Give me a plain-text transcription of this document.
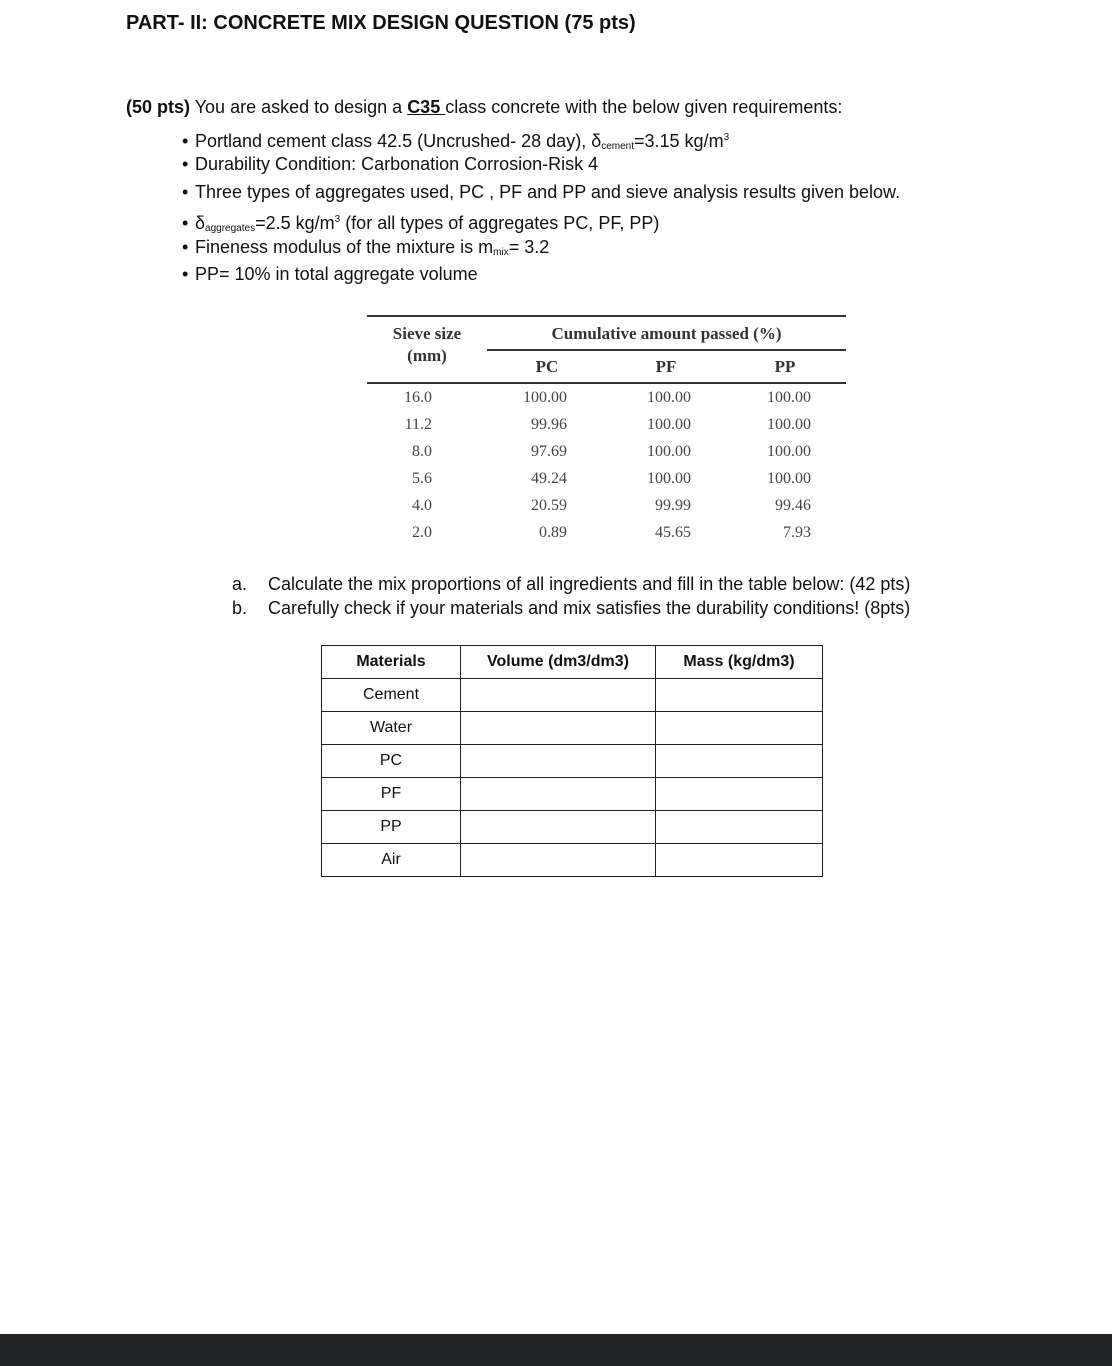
PART- II: CONCRETE MIX DESIGN QUESTION (75 pts)
(50 pts) You are asked to design a C35 class concrete with the below given requirements:
• Portland cement class 42.5 (Uncrushed- 28 day), $\delta_{cement}=3.15$ $kg/m^3$
• Durability Condition: Carbonation Corrosion-Risk 4
• Three types of aggregates used, PC , PF and PP and sieve analysis results given below.
• $\delta_{aggregates}=2.5$ $kg/m^3$ (for all types of aggregates PC, PF, PP)
• Fineness modulus of the mixture is $m_{mix}= 3.2$
• PP= 10% in total aggregate volume
Sieve size
(mm)
Cumulative amount passed (%)
PC	PF	PP
16.0	100.00	100.00	100.00
11.2	99.96	100.00	100.00
8.0	97.69	100.00	100.00
5.6	49.24	100.00	100.00
4.0	20.59	99.99	99.46
2.0	0.89	45.65	7.93
a. Calculate the mix proportions of all ingredients and fill in the table below: (42 pts)
b. Carefully check if your materials and mix satisfies the durability conditions! (8pts)
Materials	Volume (dm3/dm3)	Mass (kg/dm3)
Cement		
Water		
PC		
PF		
PP		
Air		
